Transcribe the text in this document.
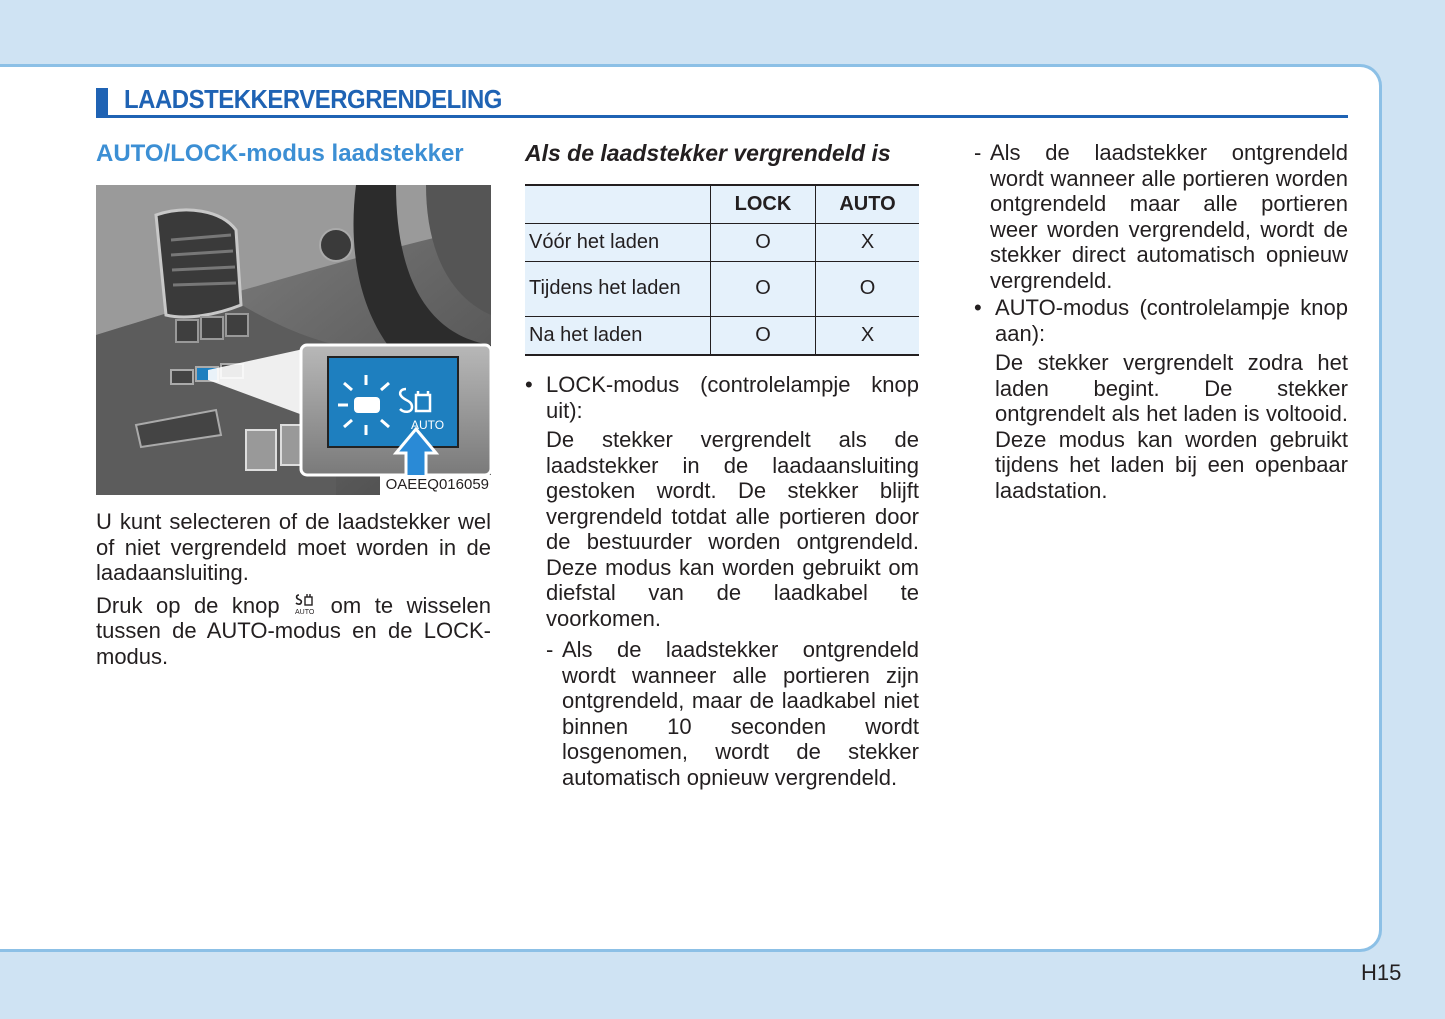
LAADSTEKKERVERGRENDELING
AUTO/LOCK-modus laadstekker
AUTO
OAEEQ016059

U kunt selecteren of de laadstekker wel of niet vergrendeld moet worden in de laadaansluiting.

Druk op de knop AUTO om te wisselen tussen de AUTO-modus en de LOCK-modus.

Als de laadstekker vergrendeld is
	LOCK	AUTO
Vóór het laden	O	X
Tijdens het laden	O	O
Na het laden	O	X
• LOCK-modus (controlelampje knop uit):

De stekker vergrendelt als de laadstekker in de laadaansluiting gestoken wordt. De stekker blijft vergrendeld totdat alle portieren door de bestuurder worden ontgrendeld. Deze modus kan worden gebruikt om diefstal van de laadkabel te voorkomen.

- Als de laadstekker ontgrendeld wordt wanneer alle portieren zijn ontgrendeld, maar de laadkabel niet binnen 10 seconden wordt losgenomen, wordt de stekker automatisch opnieuw vergrendeld.
- Als de laadstekker ontgrendeld wordt wanneer alle portieren worden ontgrendeld maar alle portieren weer worden vergrendeld, wordt de stekker direct automatisch opnieuw vergrendeld.
• AUTO-modus (controlelampje knop aan):

De stekker vergrendelt zodra het laden begint. De stekker ontgrendelt als het laden is voltooid. Deze modus kan worden gebruikt tijdens het laden bij een openbaar laadstation.

H15
